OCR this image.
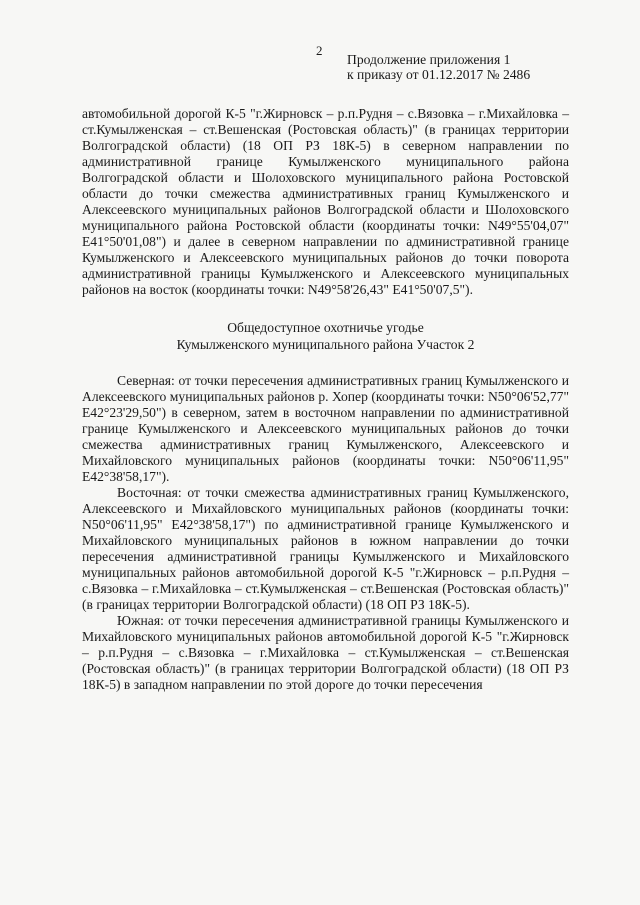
2
Продолжение приложения 1
к приказу от 01.12.2017 № 2486

автомобильной дорогой К-5 "г.Жирновск – р.п.Рудня – с.Вязовка – г.Михайловка – ст.Кумылженская – ст.Вешенская (Ростовская область)" (в границах территории Волгоградской области) (18 ОП РЗ 18К-5) в северном направлении по административной границе Кумылженского муниципального района Волгоградской области и Шолоховского муниципального района Ростовской области до точки смежества административных границ Кумылженского и Алексеевского муниципальных районов Волгоградской области и Шолоховского муниципального района Ростовской области (координаты точки: N49°55'04,07" E41°50'01,08") и далее в северном направлении по административной границе Кумылженского и Алексеевского муниципальных районов до точки поворота административной границы Кумылженского и Алексеевского муниципальных районов на восток (координаты точки: N49°58'26,43" E41°50'07,5").

Общедоступное охотничье угодье
Кумылженского муниципального района Участок 2

Северная: от точки пересечения административных границ Кумылженского и Алексеевского муниципальных районов р. Хопер (координаты точки: N50°06'52,77" E42°23'29,50") в северном, затем в восточном направлении по административной границе Кумылженского и Алексеевского муниципальных районов до точки смежества административных границ Кумылженского, Алексеевского и Михайловского муниципальных районов (координаты точки: N50°06'11,95" E42°38'58,17").

Восточная: от точки смежества административных границ Кумылженского, Алексеевского и Михайловского муниципальных районов (координаты точки: N50°06'11,95" E42°38'58,17") по административной границе Кумылженского и Михайловского муниципальных районов в южном направлении до точки пересечения административной границы Кумылженского и Михайловского муниципальных районов автомобильной дорогой К-5 "г.Жирновск – р.п.Рудня – с.Вязовка – г.Михайловка – ст.Кумылженская – ст.Вешенская (Ростовская область)" (в границах территории Волгоградской области) (18 ОП РЗ 18К-5).

Южная: от точки пересечения административной границы Кумылженского и Михайловского муниципальных районов автомобильной дорогой К-5 "г.Жирновск – р.п.Рудня – с.Вязовка – г.Михайловка – ст.Кумылженская – ст.Вешенская (Ростовская область)" (в границах территории Волгоградской области) (18 ОП РЗ 18К-5) в западном направлении по этой дороге до точки пересечения
